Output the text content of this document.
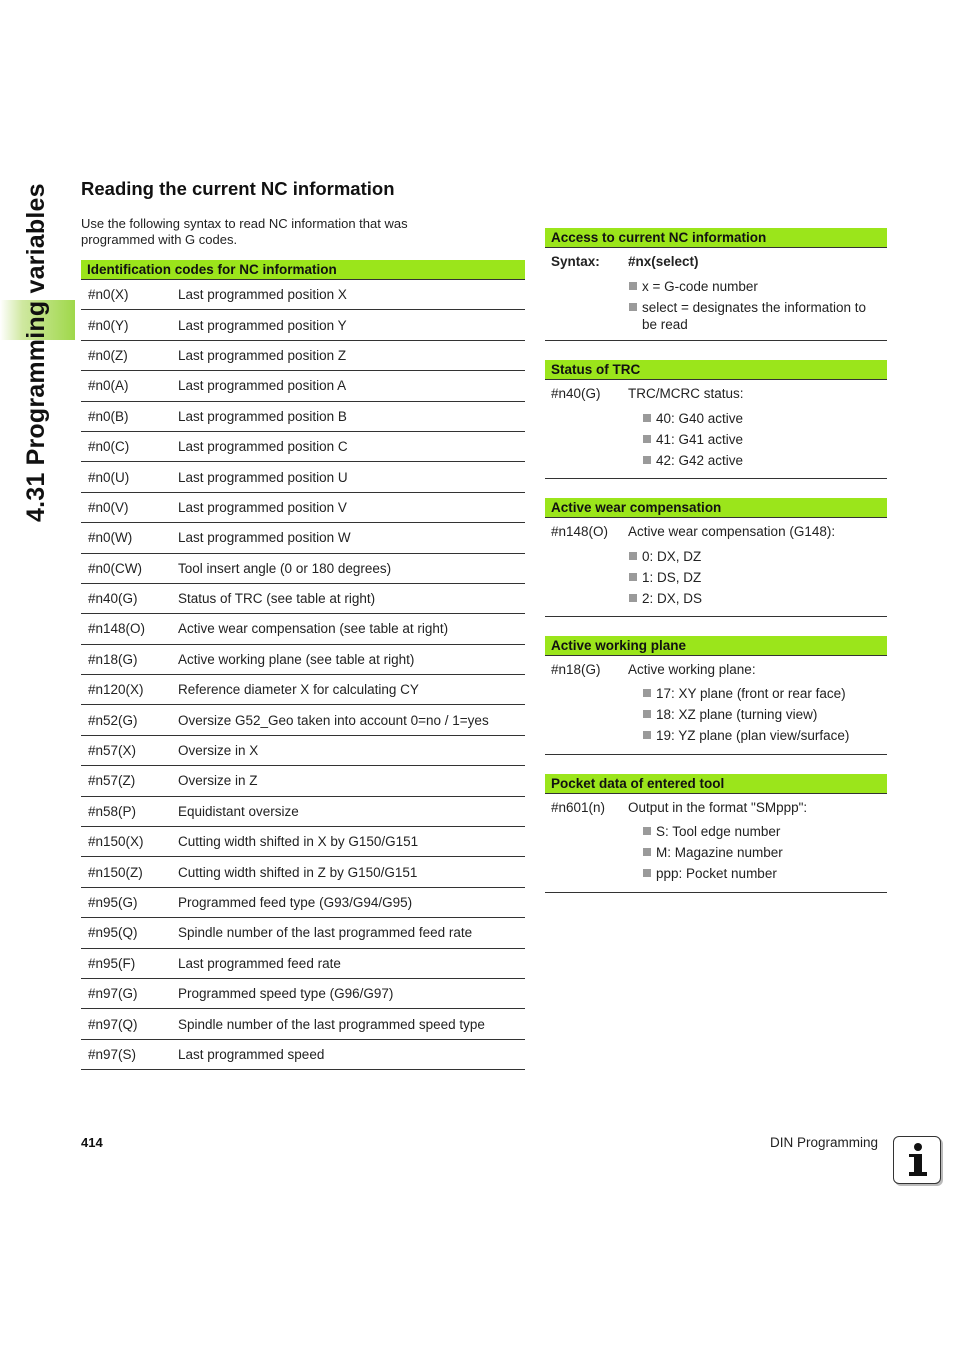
4.31 Programming variables Reading the current NC information

Use the following syntax to read NC information that was programmed with G codes.

Identification codes for NC information
#n0(X)	Last programmed position X
#n0(Y)	Last programmed position Y
#n0(Z)	Last programmed position Z
#n0(A)	Last programmed position A
#n0(B)	Last programmed position B
#n0(C)	Last programmed position C
#n0(U)	Last programmed position U
#n0(V)	Last programmed position V
#n0(W)	Last programmed position W
#n0(CW)	Tool insert angle (0 or 180 degrees)
#n40(G)	Status of TRC (see table at right)
#n148(O)	Active wear compensation (see table at right)
#n18(G)	Active working plane (see table at right)
#n120(X)	Reference diameter X for calculating CY
#n52(G)	Oversize G52_Geo taken into account 0=no / 1=yes
#n57(X)	Oversize in X
#n57(Z)	Oversize in Z
#n58(P)	Equidistant oversize
#n150(X)	Cutting width shifted in X by G150/G151
#n150(Z)	Cutting width shifted in Z by G150/G151
#n95(G)	Programmed feed type (G93/G94/G95)
#n95(Q)	Spindle number of the last programmed feed rate
#n95(F)	Last programmed feed rate
#n97(G)	Programmed speed type (G96/G97)
#n97(Q)	Spindle number of the last programmed speed type
#n97(S)	Last programmed speed
Access to current NC information
Syntax:	#nx(select)
x = G-code number
select = designates the information to be read
Status of TRC
#n40(G)	TRC/MCRC status:
40: G40 active
41: G41 active
42: G42 active
Active wear compensation
#n148(O)	Active wear compensation (G148):
0: DX, DZ
1: DS, DZ
2: DX, DS
Active working plane
#n18(G)	Active working plane:
17: XY plane (front or rear face)
18: XZ plane (turning view)
19: YZ plane (plan view/surface)
Pocket data of entered tool
#n601(n)	Output in the format "SMppp":
S: Tool edge number
M: Magazine number
ppp: Pocket number
414	DIN Programming
